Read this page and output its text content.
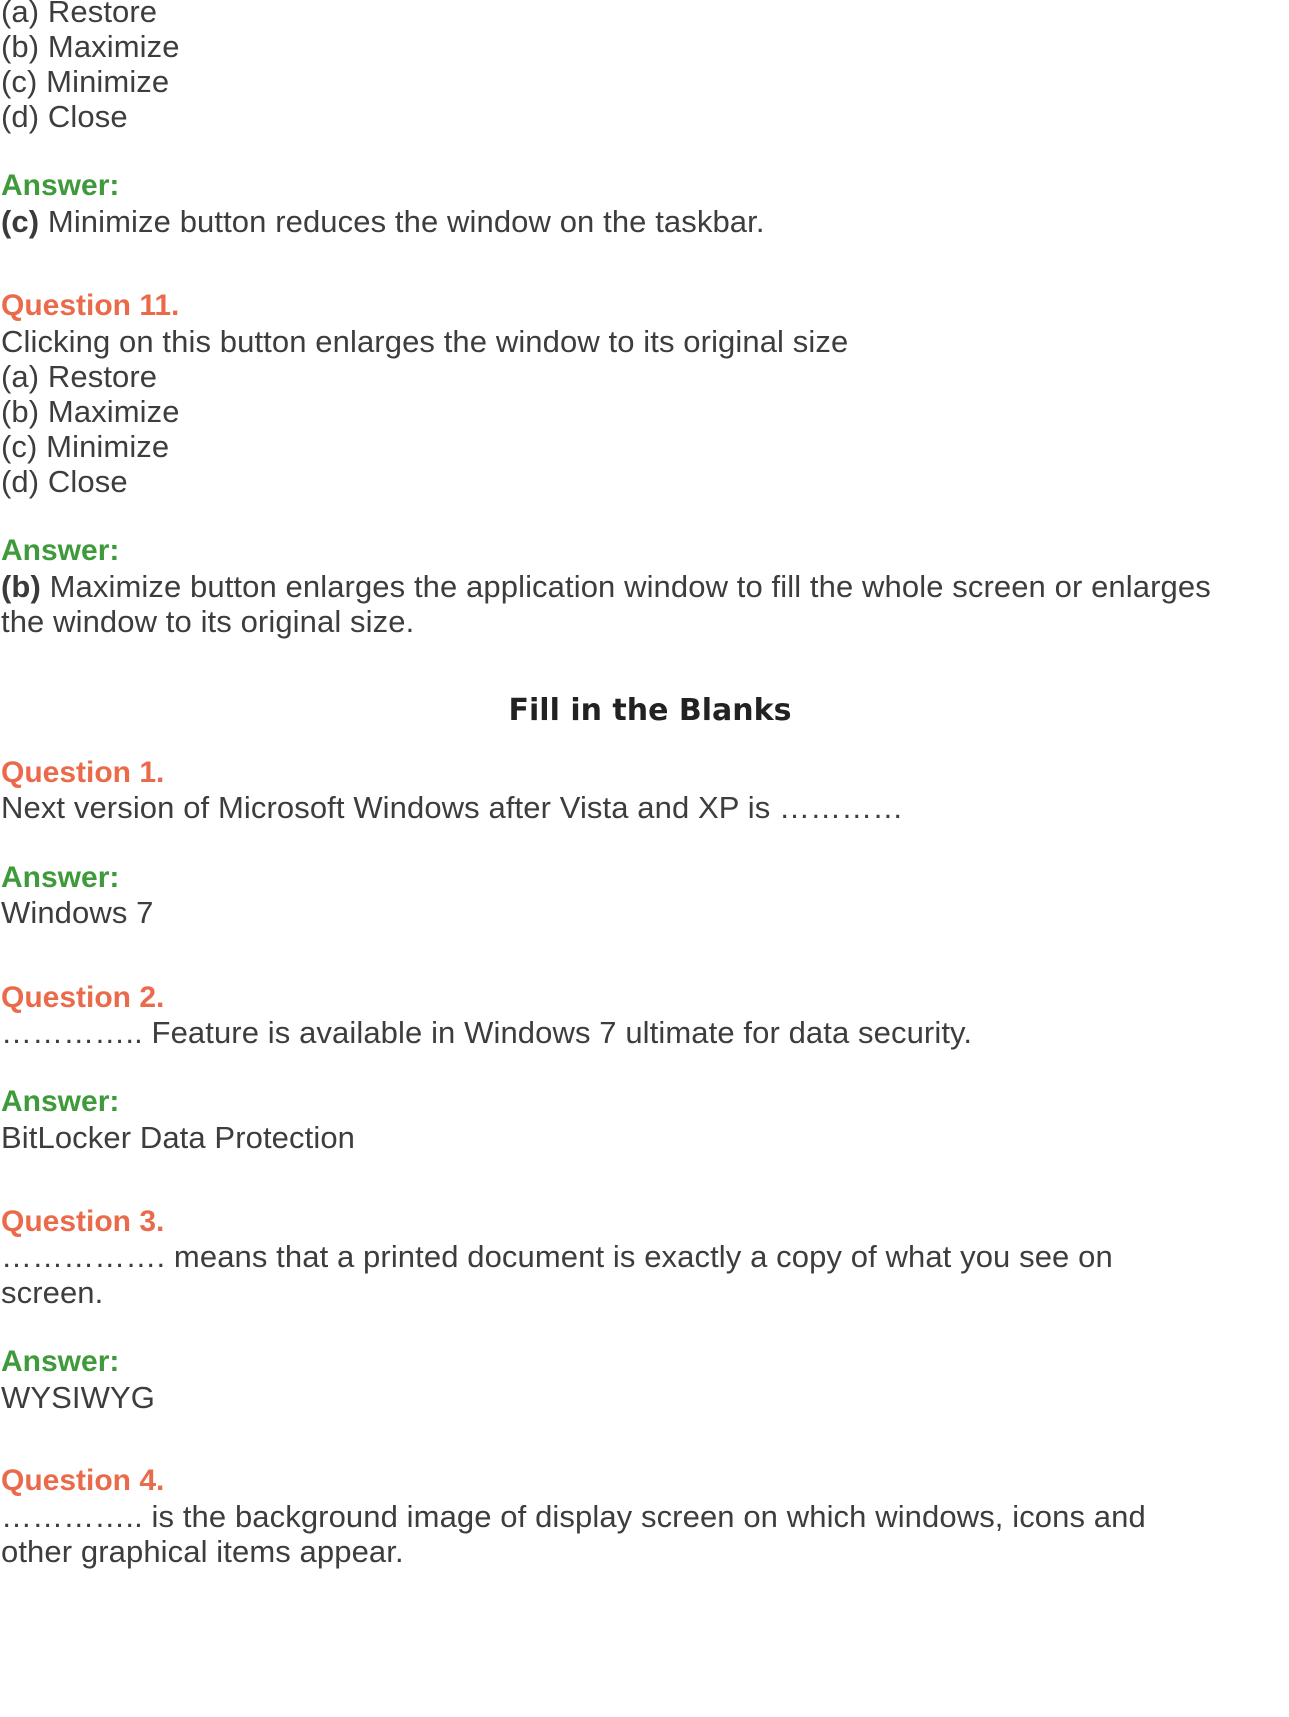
(a) Restore
(b) Maximize
(c) Minimize
(d) Close
Answer:
(c) Minimize button reduces the window on the taskbar.
Question 11.
Clicking on this button enlarges the window to its original size
(a) Restore
(b) Maximize
(c) Minimize
(d) Close
Answer:
(b) Maximize button enlarges the application window to fill the whole screen or enlarges
the window to its original size.
Fill in the Blanks
Question 1.
Next version of Microsoft Windows after Vista and XP is …………
Answer:
Windows 7
Question 2.
………….. Feature is available in Windows 7 ultimate for data security.
Answer:
BitLocker Data Protection
Question 3.
……………. means that a printed document is exactly a copy of what you see on
screen.
Answer:
WYSIWYG
Question 4.
………….. is the background image of display screen on which windows, icons and
other graphical items appear.
